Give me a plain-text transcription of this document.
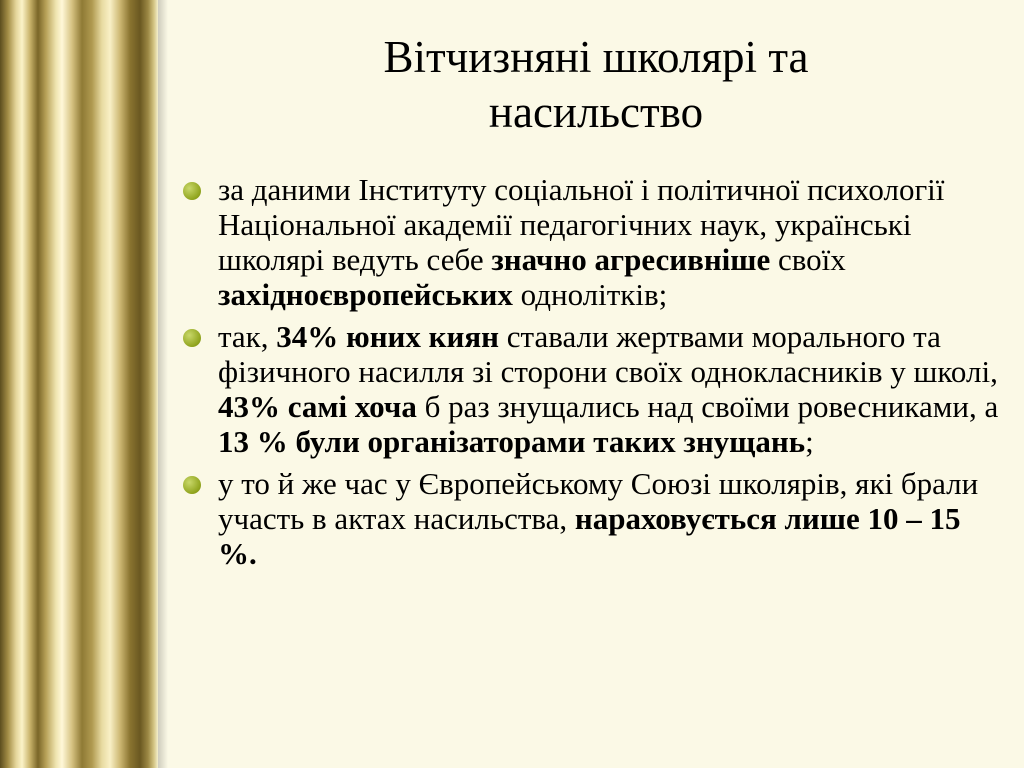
Вітчизняні школярі та
насильство
за даними Інституту соціальної і політичної психології Національної академії педагогічних наук, українські школярі ведуть себе значно агресивніше своїх західноєвропейських однолітків;
так, 34% юних киян ставали жертвами морального та фізичного насилля зі сторони своїх однокласників у школі, 43% самі хоча б раз знущались над своїми ровесниками, а 13 % були організаторами таких знущань;
у то й же час у Європейському Союзі школярів, які брали участь в актах насильства, нараховується лише 10 – 15 %.
